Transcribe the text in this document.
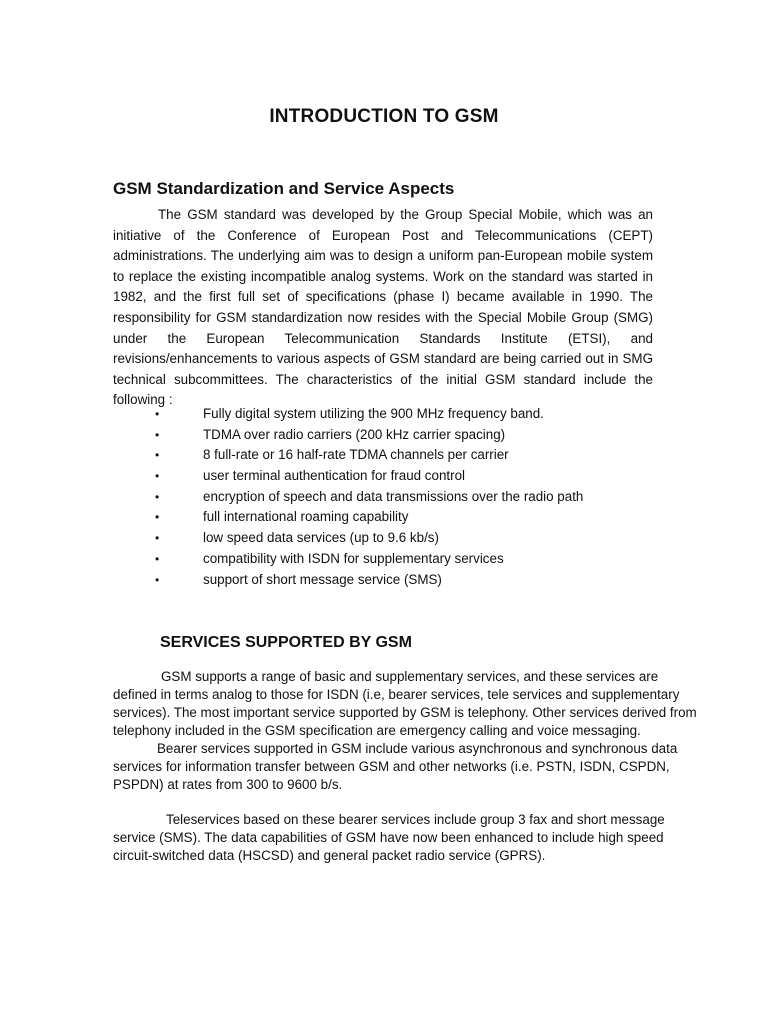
INTRODUCTION TO GSM
GSM Standardization and Service Aspects

The GSM standard was developed by the Group Special Mobile, which was an initiative of the Conference of European Post and Telecommunications (CEPT) administrations. The underlying aim was to design a uniform pan-European mobile system to replace the existing incompatible analog systems. Work on the standard was started in 1982, and the first full set of specifications (phase I) became available in 1990. The responsibility for GSM standardization now resides with the Special Mobile Group (SMG) under the European Telecommunication Standards Institute (ETSI), and revisions/enhancements to various aspects of GSM standard are being carried out in SMG technical subcommittees. The characteristics of the initial GSM standard include the following :

•	Fully digital system utilizing the 900 MHz frequency band.
•	TDMA over radio carriers (200 kHz carrier spacing)
•	8 full-rate or 16 half-rate TDMA channels per carrier
•	user terminal authentication for fraud control
•	encryption of speech and data transmissions over the radio path
•	full international roaming capability
•	low speed data services (up to 9.6 kb/s)
•	compatibility with ISDN for supplementary services
•	support of short message service (SMS)
SERVICES SUPPORTED BY GSM
GSM supports a range of basic and supplementary services, and these services are
defined in terms analog to those for ISDN (i.e, bearer services, tele services and supplementary
services). The most important service supported by GSM is telephony. Other services derived from
telephony included in the GSM specification are emergency calling and voice messaging.
Bearer services supported in GSM include various asynchronous and synchronous data
services for information transfer between GSM and other networks (i.e. PSTN, ISDN, CSPDN,
PSPDN) at rates from 300 to 9600 b/s.
Teleservices based on these bearer services include group 3 fax and short message
service (SMS). The data capabilities of GSM have now been enhanced to include high speed
circuit-switched data (HSCSD) and general packet radio service (GPRS).
